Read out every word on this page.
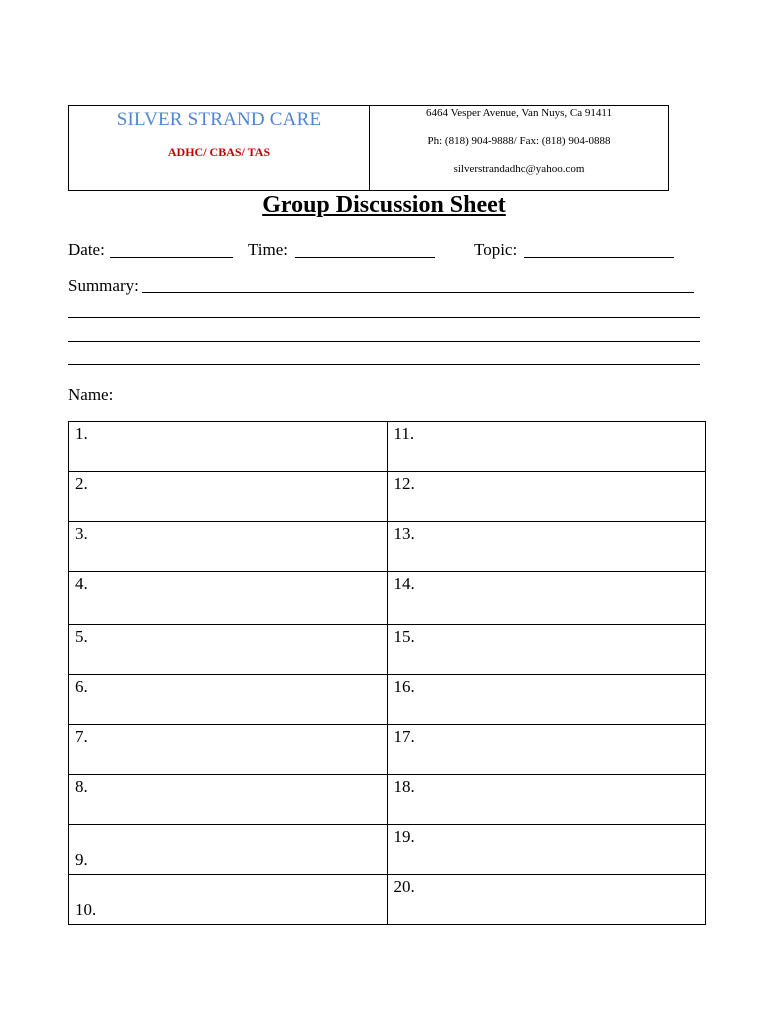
SILVER STRAND CARE
ADHC/ CBAS/ TAS
6464 Vesper Avenue, Van Nuys, Ca 91411
Ph: (818) 904-9888/ Fax: (818) 904-0888
silverstrandadhc@yahoo.com
Group Discussion Sheet
Date:	Time:	Topic:
Summary:
Name:
1.	11.
2.	12.
3.	13.
4.	14.
5.	15.
6.	16.
7.	17.
8.	18.
9.	19.
10.	20.
